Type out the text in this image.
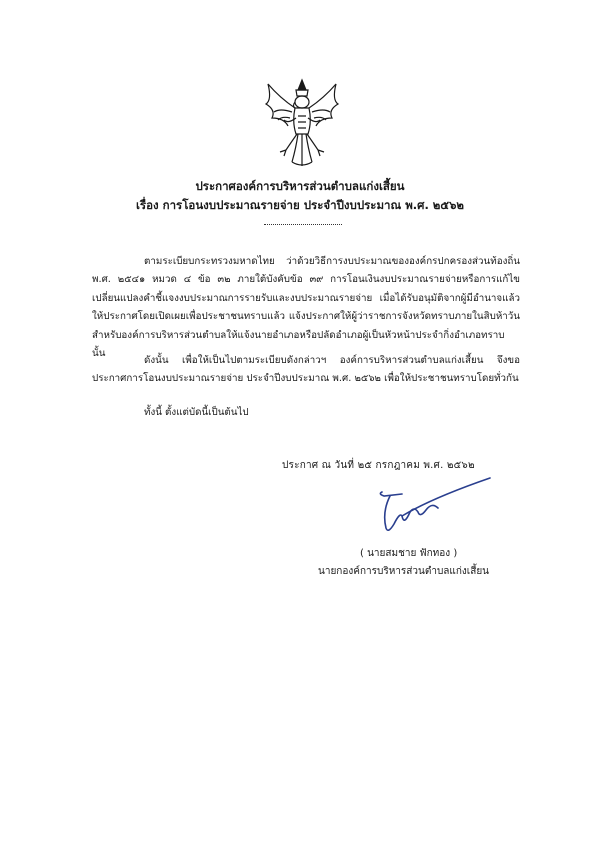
ประกาศองค์การบริหารส่วนตำบลแก่งเสี้ยน
เรื่อง การโอนงบประมาณรายจ่าย ประจำปีงบประมาณ พ.ศ. ๒๕๖๒
ตามระเบียบกระทรวงมหาดไทย ว่าด้วยวิธีการงบประมาณขององค์กรปกครองส่วนท้องถิ่น พ.ศ. ๒๕๔๑ หมวด ๔ ข้อ ๓๒ ภายใต้บังคับข้อ ๓๙ การโอนเงินงบประมาณรายจ่ายหรือการแก้ไขเปลี่ยนแปลงคำชี้แจงงบประมาณการรายรับและงบประมาณรายจ่าย เมื่อได้รับอนุมัติจากผู้มีอำนาจแล้วให้ประกาศโดยเปิดเผยเพื่อประชาชนทราบแล้ว แจ้งประกาศให้ผู้ว่าราชการจังหวัดทราบภายในสิบห้าวัน สำหรับองค์การบริหารส่วนตำบลให้แจ้งนายอำเภอหรือปลัดอำเภอผู้เป็นหัวหน้าประจำกิ่งอำเภอทราบ นั้น
ดังนั้น เพื่อให้เป็นไปตามระเบียบดังกล่าวฯ องค์การบริหารส่วนตำบลแก่งเสี้ยน จึงขอประกาศการโอนงบประมาณรายจ่าย ประจำปีงบประมาณ พ.ศ. ๒๕๖๒ เพื่อให้ประชาชนทราบโดยทั่วกัน
ทั้งนี้ ตั้งแต่บัดนี้เป็นต้นไป
ประกาศ ณ วันที่ ๒๕ กรกฎาคม พ.ศ. ๒๕๖๒
( นายสมชาย ฟักทอง )
นายกองค์การบริหารส่วนตำบลแก่งเสี้ยน
